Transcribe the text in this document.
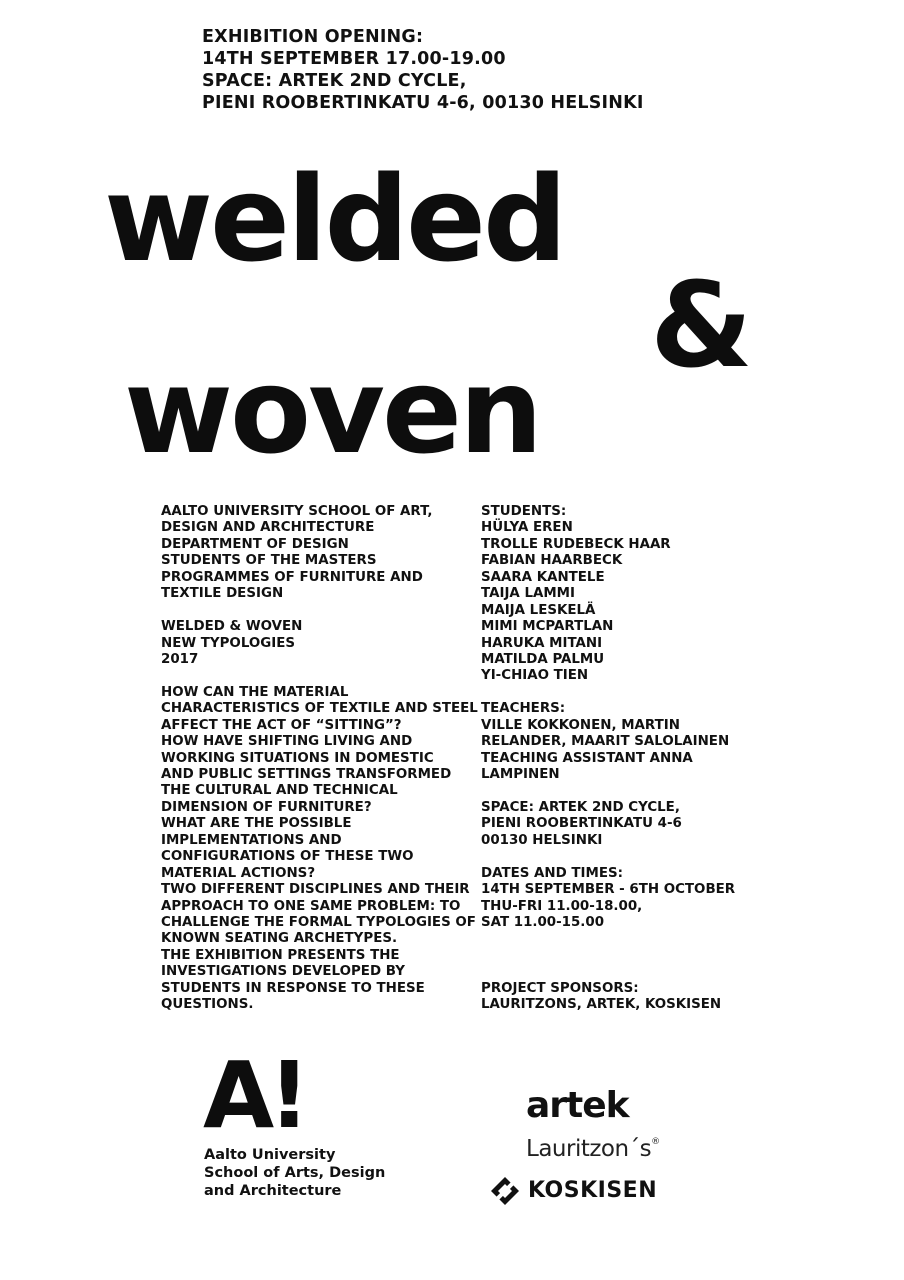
EXHIBITION OPENING:
14TH SEPTEMBER 17.00-19.00
SPACE: ARTEK 2ND CYCLE,
PIENI ROOBERTINKATU 4-6, 00130 HELSINKI
welded
&
woven
AALTO UNIVERSITY SCHOOL OF ART,
DESIGN AND ARCHITECTURE
DEPARTMENT OF DESIGN
STUDENTS OF THE MASTERS
PROGRAMMES OF FURNITURE AND
TEXTILE DESIGN
WELDED & WOVEN
NEW TYPOLOGIES
2017
HOW CAN THE MATERIAL
CHARACTERISTICS OF TEXTILE AND STEEL
AFFECT THE ACT OF “SITTING”?
HOW HAVE SHIFTING LIVING AND
WORKING SITUATIONS IN DOMESTIC
AND PUBLIC SETTINGS TRANSFORMED
THE CULTURAL AND TECHNICAL
DIMENSION OF FURNITURE?
WHAT ARE THE POSSIBLE
IMPLEMENTATIONS AND
CONFIGURATIONS OF THESE TWO
MATERIAL ACTIONS?
TWO DIFFERENT DISCIPLINES AND THEIR
APPROACH TO ONE SAME PROBLEM: TO
CHALLENGE THE FORMAL TYPOLOGIES OF
KNOWN SEATING ARCHETYPES.
THE EXHIBITION PRESENTS THE
INVESTIGATIONS DEVELOPED BY
STUDENTS IN RESPONSE TO THESE
QUESTIONS.
STUDENTS:
HÜLYA EREN
TROLLE RUDEBECK HAAR
FABIAN HAARBECK
SAARA KANTELE
TAIJA LAMMI
MAIJA LESKELÄ
MIMI MCPARTLAN
HARUKA MITANI
MATILDA PALMU
YI-CHIAO TIEN
TEACHERS:
VILLE KOKKONEN, MARTIN
RELANDER, MAARIT SALOLAINEN
TEACHING ASSISTANT ANNA
LAMPINEN
SPACE: ARTEK 2ND CYCLE,
PIENI ROOBERTINKATU 4-6
00130 HELSINKI
DATES AND TIMES:
14TH SEPTEMBER - 6TH OCTOBER
THU-FRI 11.00-18.00,
SAT 11.00-15.00
PROJECT SPONSORS:
LAURITZONS, ARTEK, KOSKISEN
A!
Aalto University
School of Arts, Design
and Architecture
artek
Lauritzon´s®
KOSKISEN
